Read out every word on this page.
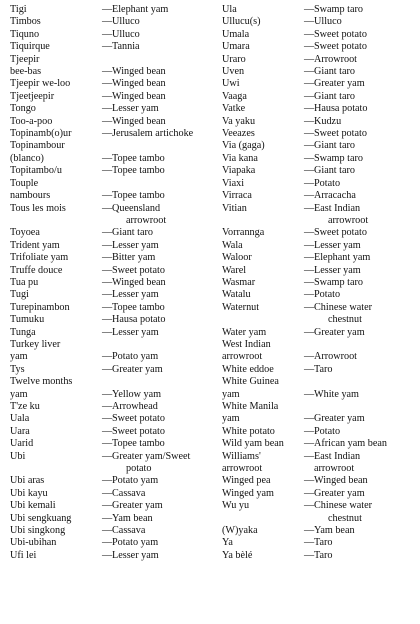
Tigi	— Elephant yam
Timbos	— Ulluco
Tiquno	— Ulluco
Tiquirque	— Tannia
Tjeepir
bee-bas	— Winged bean
Tjeepir we-loo	— Winged bean
Tjeetjeepir	— Winged bean
Tongo	— Lesser yam
Too-a-poo	— Winged bean
Topinamb(o)ur	— Jerusalem artichoke
Topinambour
(blanco)	— Topee tambo
Topitambo/u	— Topee tambo
Touple
nambours	— Topee tambo
Tous les mois	— Queensland
arrowroot
Toyoea	— Giant taro
Trident yam	— Lesser yam
Trifoliate yam	— Bitter yam
Truffe douce	— Sweet potato
Tua pu	— Winged bean
Tugi	— Lesser yam
Turepinambon	— Topee tambo
Tumuku	— Hausa potato
Tunga	— Lesser yam
Turkey liver
yam	— Potato yam
Tys	— Greater yam
Twelve months
yam	— Yellow yam
T'ze ku	— Arrowhead
Uala	— Sweet potato
Uara	— Sweet potato
Uarid	— Topee tambo
Ubi	— Greater yam/Sweet
potato
Ubi aras	— Potato yam
Ubi kayu	— Cassava
Ubi kemali	— Greater yam
Ubi sengkuang	— Yam bean
Ubi singkong	— Cassava
Ubi-ubihan	— Potato yam
Ufi lei	— Lesser yam
Ula	— Swamp taro
Ullucu(s)	— Ulluco
Umala	— Sweet potato
Umara	— Sweet potato
Uraro	— Arrowroot
Uven	— Giant taro
Uwi	— Greater yam
Vaaga	— Giant taro
Vatke	— Hausa potato
Va yaku	— Kudzu
Veeazes	— Sweet potato
Via (gaga)	— Giant taro
Via kana	— Swamp taro
Viapaka	— Giant taro
Viaxi	— Potato
Virraca	— Arracacha
Vitian	— East Indian
arrowroot
Vorrannga	— Sweet potato
Wala	— Lesser yam
Waloor	— Elephant yam
Warel	— Lesser yam
Wasmar	— Swamp taro
Watalu	— Potato
Waternut	— Chinese water
chestnut
Water yam	— Greater yam
West Indian
arrowroot	— Arrowroot
White eddoe	— Taro
White Guinea
yam	— White yam
White Manila
yam	— Greater yam
White potato	— Potato
Wild yam bean	— African yam bean
Williams'	— East Indian
arrowroot	arrowroot
Winged pea	— Winged bean
Winged yam	— Greater yam
Wu yu	— Chinese water
chestnut
(W)yaka	— Yam bean
Ya	— Taro
Ya bèlé	— Taro
